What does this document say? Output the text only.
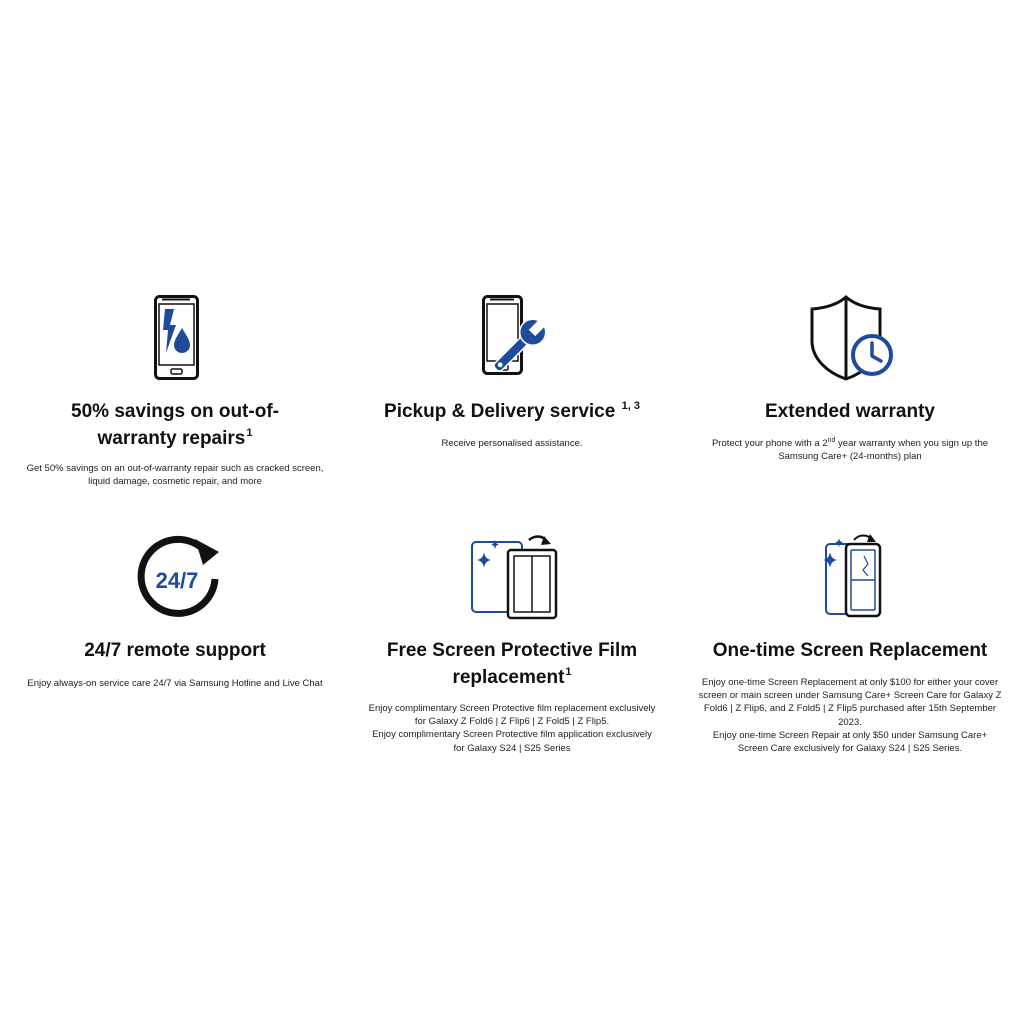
50% savings on out-of-
warranty repairs$^1$

Get 50% savings on an out-of-warranty repair such as cracked screen,

liquid damage, cosmetic repair, and more

Pickup & Delivery service $^{1, 3}$

Receive personalised assistance.

Extended warranty

Protect your phone with a 2nd year warranty when you sign up the

Samsung Care+ (24-months) plan

24/7
24/7 remote support

Enjoy always-on service care 24/7 via Samsung Hotline and Live Chat

Free Screen Protective Film
replacement$^1$

Enjoy complimentary Screen Protective film replacement exclusively

for Galaxy Z Fold6 | Z Flip6 | Z Fold5 | Z Flip5.

Enjoy complimentary Screen Protective film application exclusively

for Galaxy S24 | S25 Series

One-time Screen Replacement

Enjoy one-time Screen Replacement at only $100 for either your cover

screen or main screen under Samsung Care+ Screen Care for Galaxy Z

Fold6 | Z Flip6, and Z Fold5 | Z Flip5 purchased after 15th September

2023.

Enjoy one-time Screen Repair at only $50 under Samsung Care+

Screen Care exclusively for Galaxy S24 | S25 Series.
